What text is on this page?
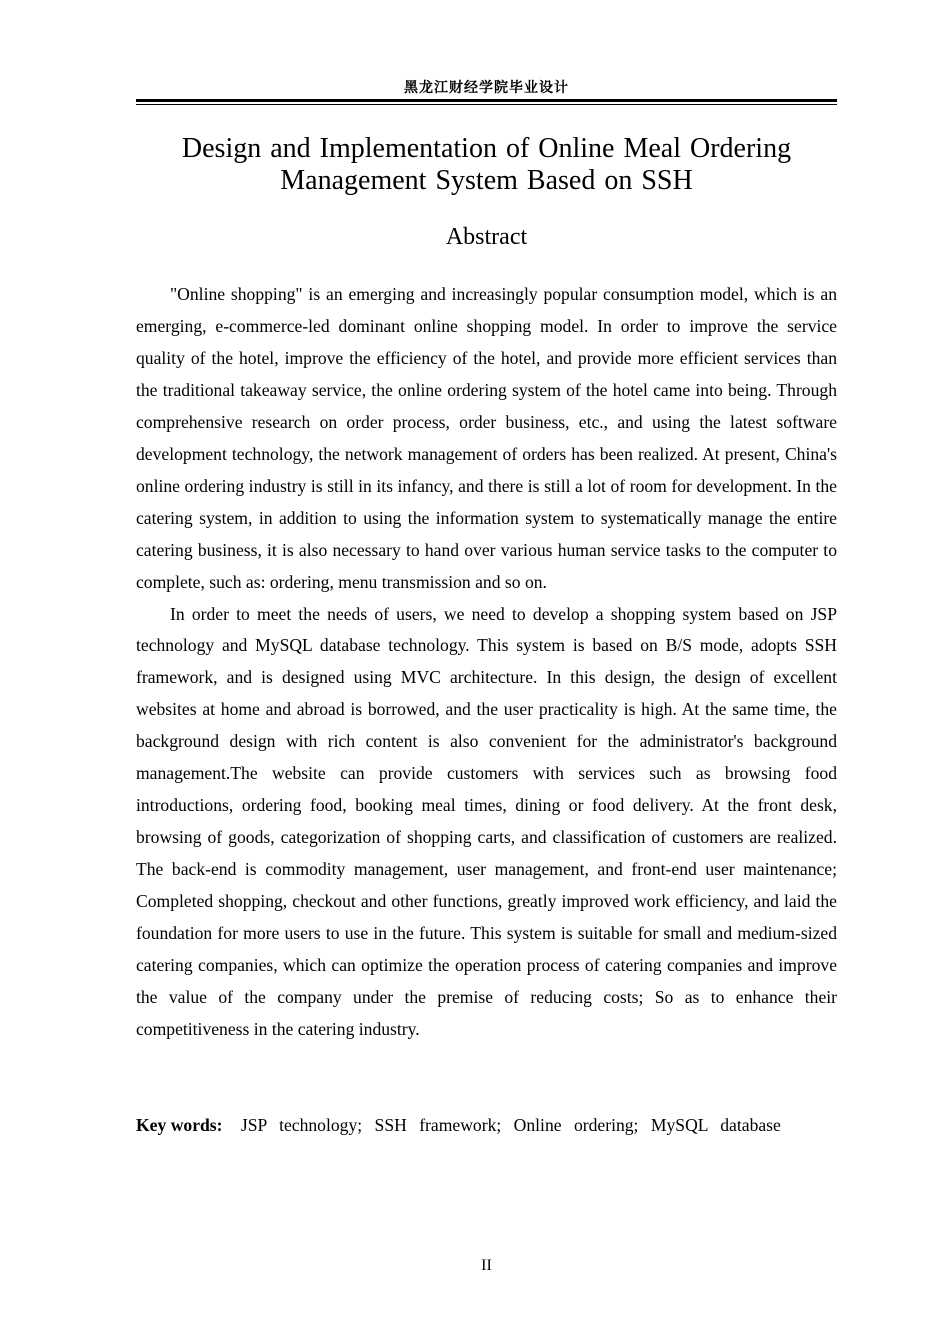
黑龙江财经学院毕业设计
Design and Implementation of Online Meal Ordering
Management System Based on SSH
Abstract

"Online shopping" is an emerging and increasingly popular consumption model, which is an emerging, e-commerce-led dominant online shopping model. In order to improve the service quality of the hotel, improve the efficiency of the hotel, and provide more efficient services than the traditional takeaway service, the online ordering system of the hotel came into being. Through comprehensive research on order process, order business, etc., and using the latest software development technology, the network management of orders has been realized. At present, China's online ordering industry is still in its infancy, and there is still a lot of room for development. In the catering system, in addition to using the information system to systematically manage the entire catering business, it is also necessary to hand over various human service tasks to the computer to complete, such as: ordering, menu transmission and so on.

In order to meet the needs of users, we need to develop a shopping system based on JSP technology and MySQL database technology. This system is based on B/S mode, adopts SSH framework, and is designed using MVC architecture. In this design, the design of excellent websites at home and abroad is borrowed, and the user practicality is high. At the same time, the background design with rich content is also convenient for the administrator's background management.The website can provide customers with services such as browsing food introductions, ordering food, booking meal times, dining or food delivery. At the front desk, browsing of goods, categorization of shopping carts, and classification of customers are realized. The back-end is commodity management, user management, and front-end user maintenance; Completed shopping, checkout and other functions, greatly improved work efficiency, and laid the foundation for more users to use in the future. This system is suitable for small and medium-sized catering companies, which can optimize the operation process of catering companies and improve the value of the company under the premise of reducing costs; So as to enhance their competitiveness in the catering industry.

Key words: JSP technology; SSH framework; Online ordering; MySQL database
II
